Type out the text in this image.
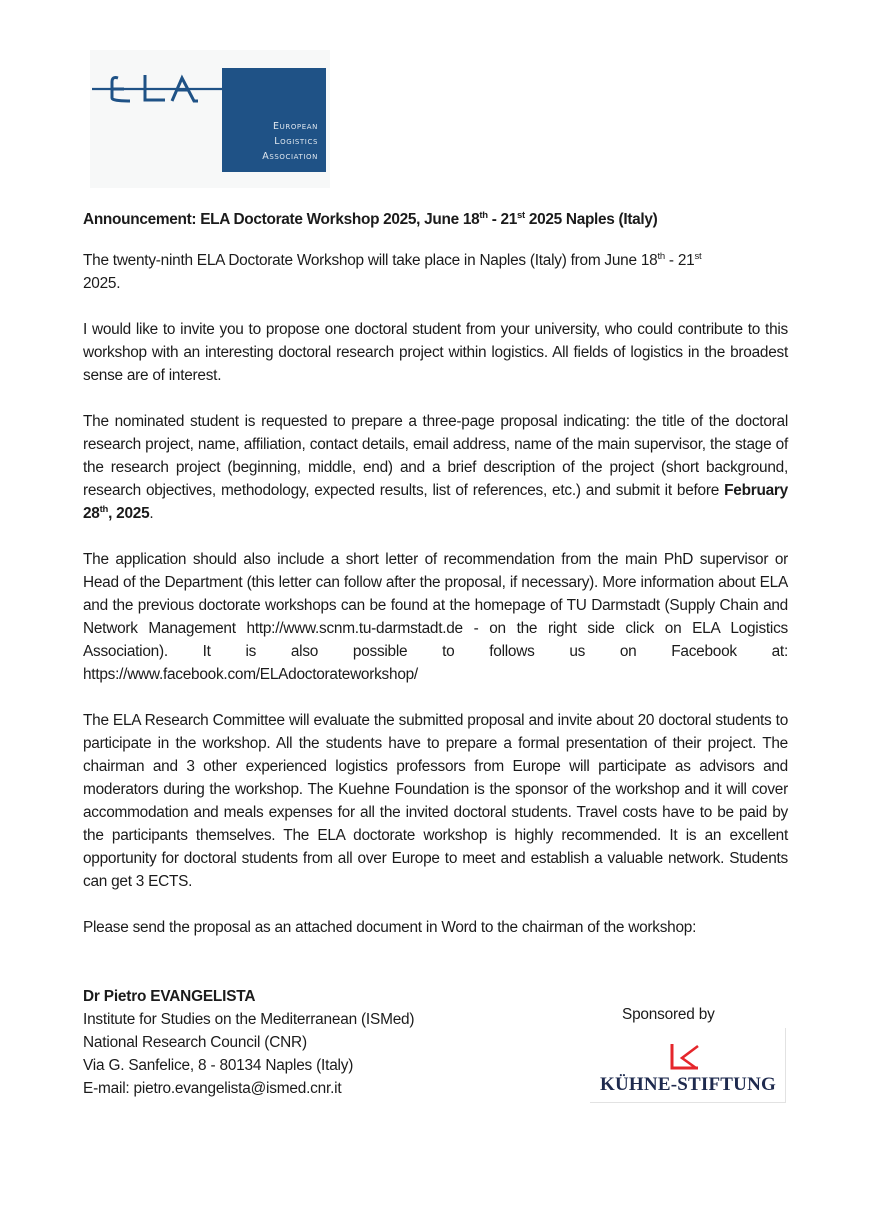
European
Logistics
Association

Announcement: ELA Doctorate Workshop 2025, June 18th - 21st 2025 Naples (Italy)

The twenty-ninth ELA Doctorate Workshop will take place in Naples (Italy) from June 18th - 21st
2025.

I would like to invite you to propose one doctoral student from your university, who could contribute to this workshop with an interesting doctoral research project within logistics. All fields of logistics in the broadest sense are of interest.

The nominated student is requested to prepare a three-page proposal indicating: the title of the doctoral research project, name, affiliation, contact details, email address, name of the main supervisor, the stage of the research project (beginning, middle, end) and a brief description of the project (short background, research objectives, methodology, expected results, list of references, etc.) and submit it before February 28th, 2025.

The application should also include a short letter of recommendation from the main PhD supervisor or Head of the Department (this letter can follow after the proposal, if necessary). More information about ELA and the previous doctorate workshops can be found at the homepage of TU Darmstadt (Supply Chain and Network Management http://www.scnm.tu-darmstadt.de - on the right side click on ELA Logistics Association). It is also possible to follows us on Facebook at: https://www.facebook.com/ELAdoctorateworkshop/

The ELA Research Committee will evaluate the submitted proposal and invite about 20 doctoral students to participate in the workshop. All the students have to prepare a formal presentation of their project. The chairman and 3 other experienced logistics professors from Europe will participate as advisors and moderators during the workshop. The Kuehne Foundation is the sponsor of the workshop and it will cover accommodation and meals expenses for all the invited doctoral students. Travel costs have to be paid by the participants themselves. The ELA doctorate workshop is highly recommended. It is an excellent opportunity for doctoral students from all over Europe to meet and establish a valuable network. Students can get 3 ECTS.

Please send the proposal as an attached document in Word to the chairman of the workshop:

Dr Pietro EVANGELISTA
Institute for Studies on the Mediterranean (ISMed)
National Research Council (CNR)
Via G. Sanfelice, 8 - 80134 Naples (Italy)
E-mail: pietro.evangelista@ismed.cnr.it
Sponsored by
KÜHNE-STIFTUNG
